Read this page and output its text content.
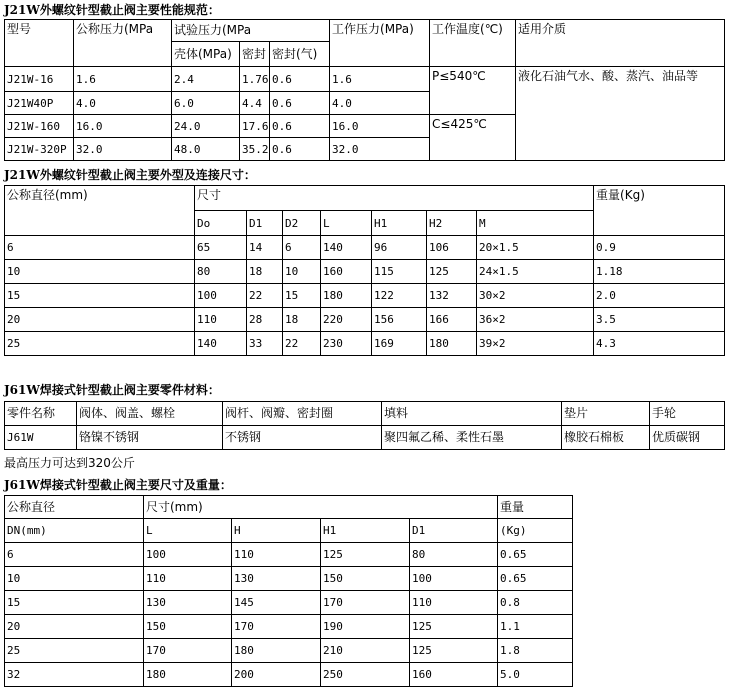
J21W外螺纹针型截止阀主要性能规范：
型号	公称压力(MPa	试验压力(MPa			工作压力(MPa)	工作温度(℃)	适用介质
		壳体(MPa)	密封	密封(气)			
J21W-16	1.6	2.4	1.76	0.6	1.6	P≤540℃	液化石油气水、酸、蒸汽、油品等
J21W40P	4.0	6.0	4.4	0.6	4.0		
J21W-160	16.0	24.0	17.6	0.6	16.0	C≤425℃	
J21W-320P	32.0	48.0	35.2	0.6	32.0		
J21W外螺纹针型截止阀主要外型及连接尺寸：
公称直径(mm)	尺寸							重量(Kg)
	Do	D1	D2	L	H1	H2	M	
6	65	14	6	140	96	106	20×1.5	0.9
10	80	18	10	160	115	125	24×1.5	1.18
15	100	22	15	180	122	132	30×2	2.0
20	110	28	18	220	156	166	36×2	3.5
25	140	33	22	230	169	180	39×2	4.3
J61W焊接式针型截止阀主要零件材料：
零件名称	阀体、阀盖、螺栓	阀杆、阀瓣、密封圈	填料	垫片	手轮
J61W	铬镍不锈钢	不锈钢	聚四氟乙稀、柔性石墨	橡胶石棉板	优质碳钢
最高压力可达到320公斤
J61W焊接式针型截止阀主要尺寸及重量：
公称直径	尺寸(mm)				重量
DN(mm)	L	H	H1	D1	(Kg)
6	100	110	125	80	0.65
10	110	130	150	100	0.65
15	130	145	170	110	0.8
20	150	170	190	125	1.1
25	170	180	210	125	1.8
32	180	200	250	160	5.0
